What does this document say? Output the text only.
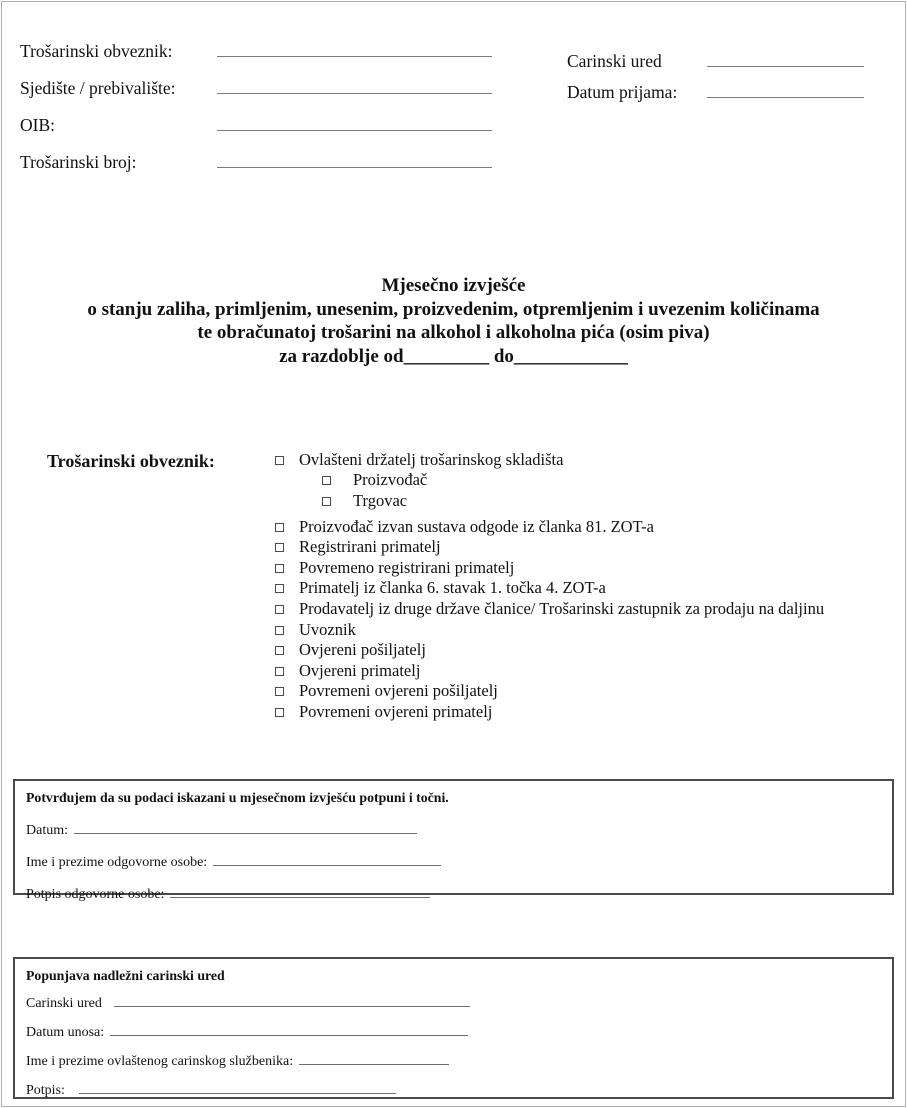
Trošarinski obveznik:
Sjedište / prebivalište:
OIB:
Trošarinski broj:
Carinski ured
Datum prijama:
Mjesečno izvješće
o stanju zaliha, primljenim, unesenim, proizvedenim, otpremljenim i uvezenim količinama
te obračunatoj trošarini na alkohol i alkoholna pića (osim piva)
za razdoblje od_________ do____________
Trošarinski obveznik:	Ovlašteni držatelj trošarinskog skladišta
Proizvođač
Trgovac
Proizvođač izvan sustava odgode iz članka 81. ZOT-a
Registrirani primatelj
Povremeno registrirani primatelj
Primatelj iz članka 6. stavak 1. točka 4. ZOT-a
Prodavatelj iz druge države članice/ Trošarinski zastupnik za prodaju na daljinu
Uvoznik
Ovjereni pošiljatelj
Ovjereni primatelj
Povremeni ovjereni pošiljatelj
Povremeni ovjereni primatelj
Potvrđujem da su podaci iskazani u mjesečnom izvješću potpuni i točni.
Datum:
Ime i prezime odgovorne osobe:
Potpis odgovorne osobe:
Popunjava nadležni carinski ured
Carinski ured
Datum unosa:
Ime i prezime ovlaštenog carinskog službenika:
Potpis:
